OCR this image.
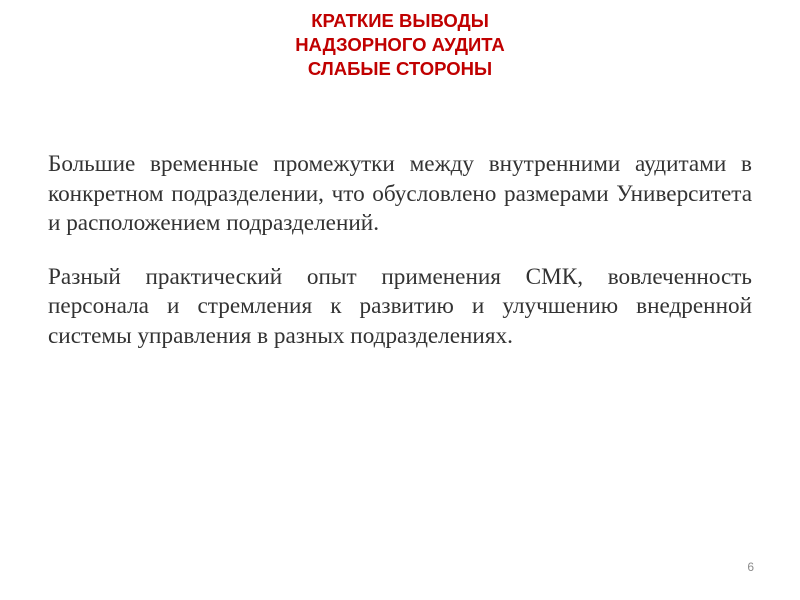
КРАТКИЕ ВЫВОДЫ
НАДЗОРНОГО АУДИТА
СЛАБЫЕ СТОРОНЫ

Большие временные промежутки между внутренними аудитами в конкретном подразделении, что обусловлено размерами Университета и расположением подразделений.

Разный практический опыт применения СМК, вовлеченность персонала и стремления к развитию и улучшению внедренной системы управления в разных подразделениях.

6
